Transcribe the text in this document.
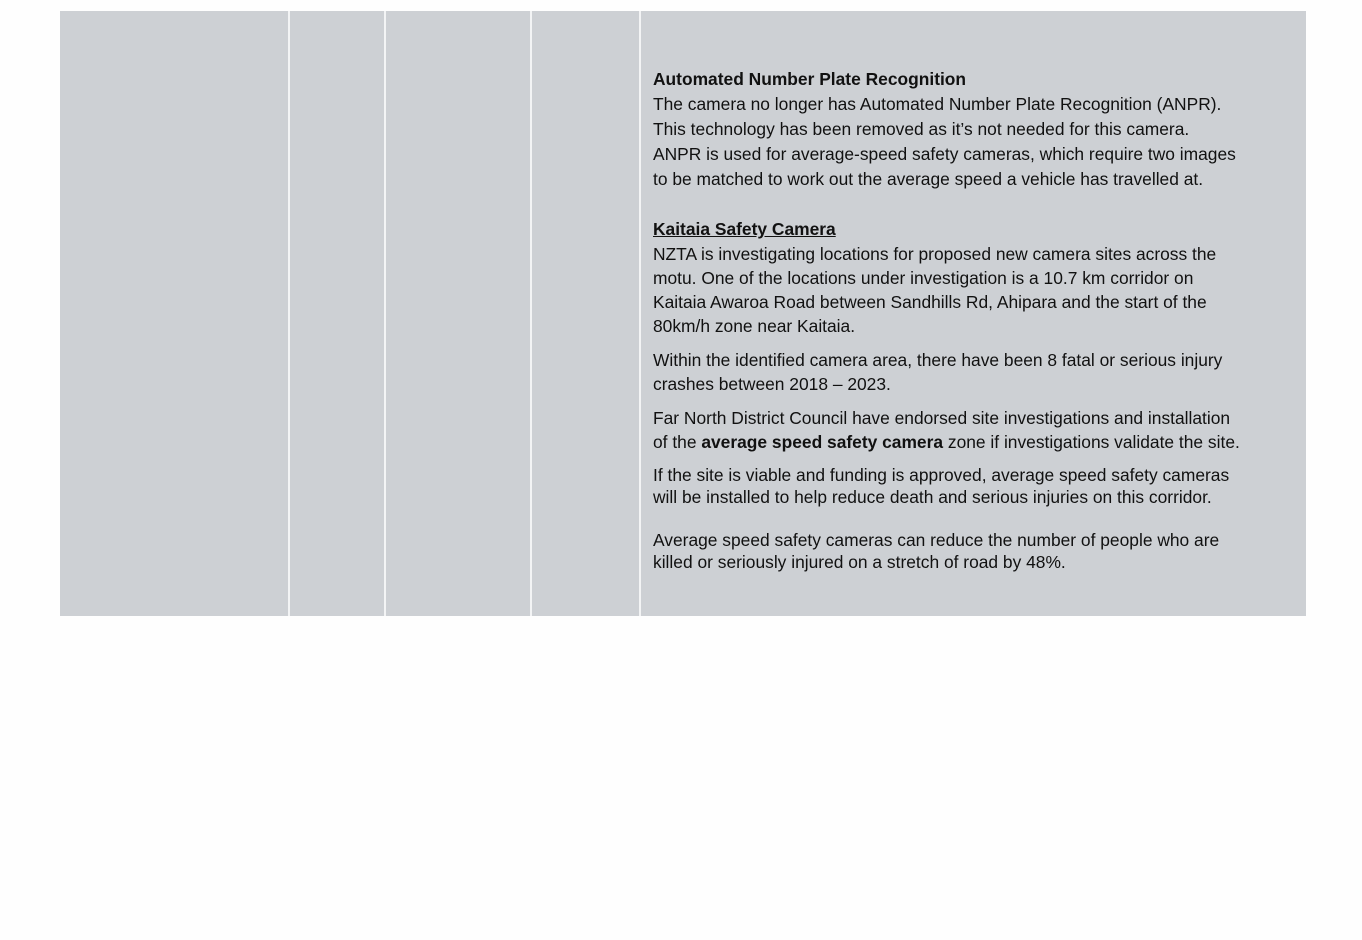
Automated Number Plate Recognition

The camera no longer has Automated Number Plate Recognition (ANPR).

This technology has been removed as it’s not needed for this camera.

ANPR is used for average-speed safety cameras, which require two images

to be matched to work out the average speed a vehicle has travelled at.

Kaitaia Safety Camera

NZTA is investigating locations for proposed new camera sites across the

motu. One of the locations under investigation is a 10.7 km corridor on

Kaitaia Awaroa Road between Sandhills Rd, Ahipara and the start of the

80km/h zone near Kaitaia.

Within the identified camera area, there have been 8 fatal or serious injury

crashes between 2018 – 2023.

Far North District Council have endorsed site investigations and installation

of the average speed safety camera zone if investigations validate the site.

If the site is viable and funding is approved, average speed safety cameras

will be installed to help reduce death and serious injuries on this corridor.

Average speed safety cameras can reduce the number of people who are

killed or seriously injured on a stretch of road by 48%.
